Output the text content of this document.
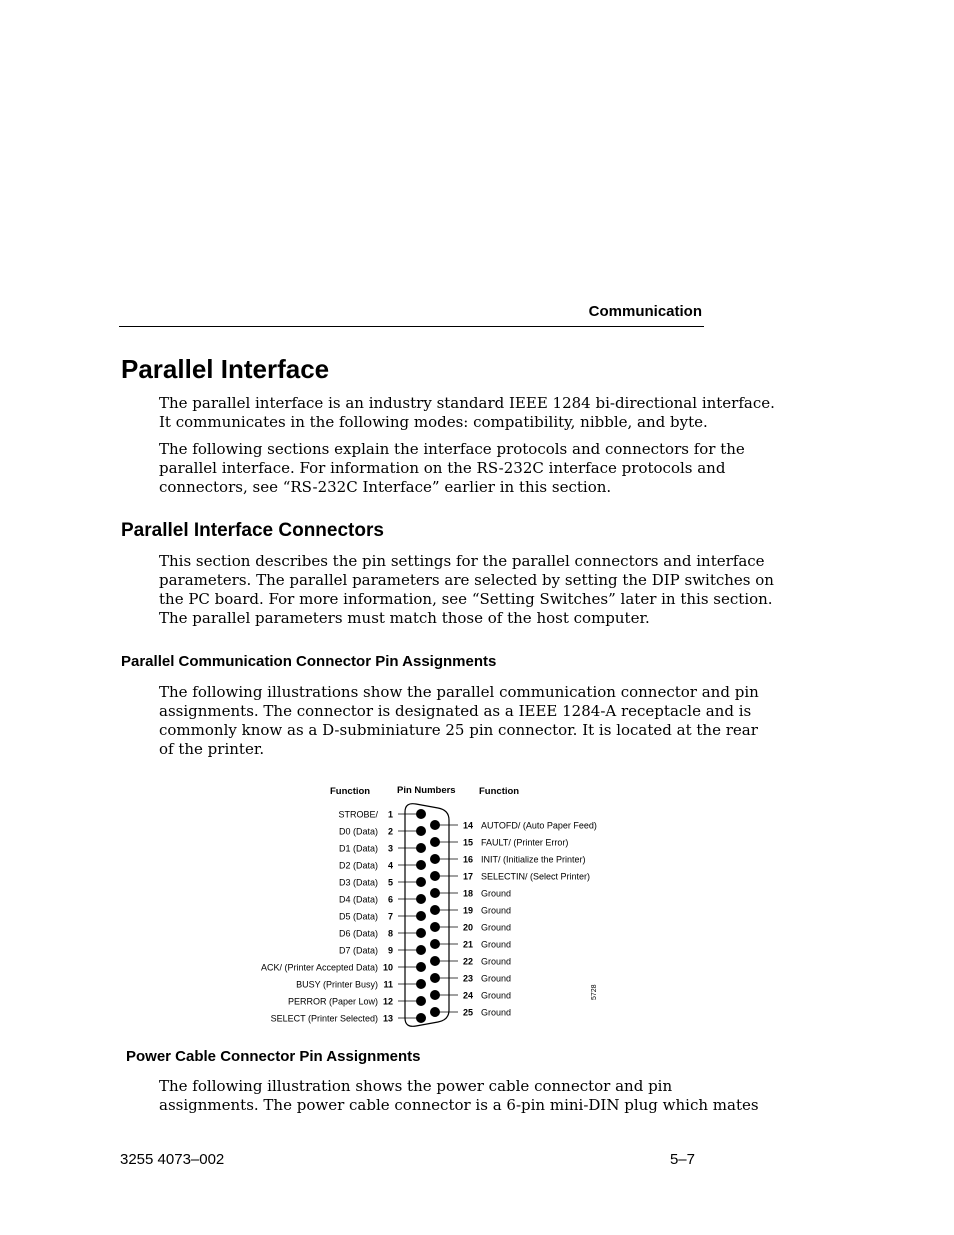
Communication
Parallel Interface
The parallel interface is an industry standard IEEE 1284 bi-directional interface.
It communicates in the following modes: compatibility, nibble, and byte.
The following sections explain the interface protocols and connectors for the
parallel interface. For information on the RS-232C interface protocols and
connectors, see “RS-232C Interface” earlier in this section.
Parallel Interface Connectors
This section describes the pin settings for the parallel connectors and interface
parameters. The parallel parameters are selected by setting the DIP switches on
the PC board. For more information, see “Setting Switches” later in this section.
The parallel parameters must match those of the host computer.
Parallel Communication Connector Pin Assignments
The following illustrations show the parallel communication connector and pin
assignments. The connector is designated as a IEEE 1284-A receptacle and is
commonly know as a D-subminiature 25 pin connector. It is located at the rear
of the printer.
Function	Pin Numbers Function
1
STROBE/
2
D0 (Data)
3
D1 (Data)
4
D2 (Data)
5
D3 (Data)
6
D4 (Data)
7
D5 (Data)
8
D6 (Data)
9
D7 (Data)
10
ACK/ (Printer Accepted Data)
11
BUSY (Printer Busy)
12
PERROR (Paper Low)
13
SELECT (Printer Selected)
14 AUTOFD/ (Auto Paper Feed)
15 FAULT/ (Printer Error)
16 INIT/ (Initialize the Printer)
17 SELECTIN/ (Select Printer)
18 Ground
19 Ground
20 Ground
21 Ground
22 Ground
23 Ground
24 Ground
25 Ground
5728
Power Cable Connector Pin Assignments
The following illustration shows the power cable connector and pin
assignments. The power cable connector is a 6-pin mini-DIN plug which mates
3255 4073–002	5–7
